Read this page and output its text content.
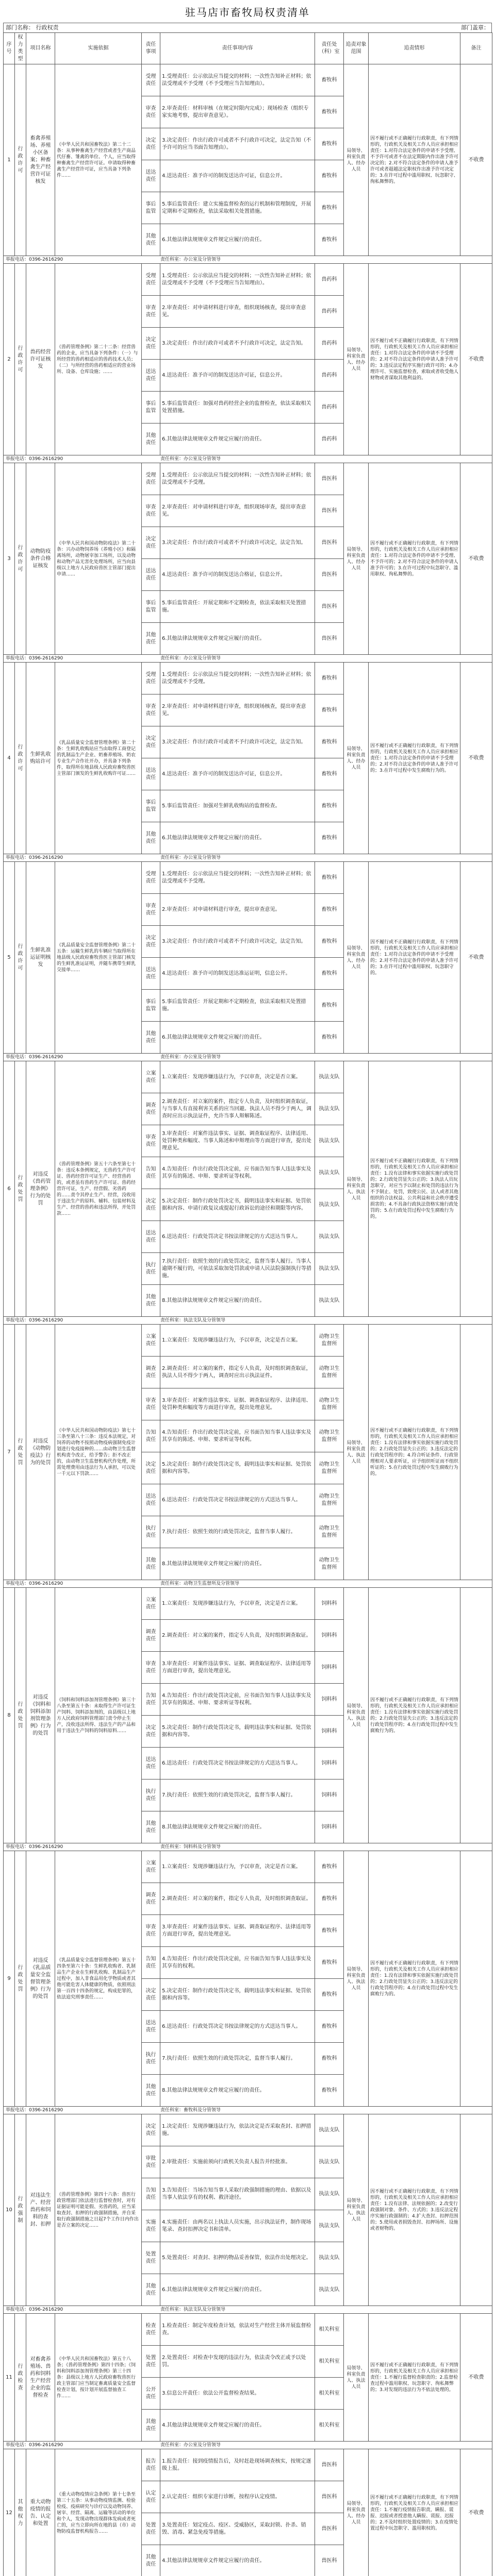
驻马店市畜牧局权责清单
部门名称： 行政权责	部门盖章：
序号	权力类型	项目名称	实施依据	责任事项	责任事项内容	责任处（科）室	追责对象范围	追责情形	备注
1	行政许可	畜禽养殖场、养殖小区备案；种畜禽生产经营许可证核发	《中华人民共和国畜牧法》第二十二条：从事种畜禽生产经营或者生产商品代仔畜、雏禽的单位、个人，应当取得种畜禽生产经营许可证。申请取得种畜禽生产经营许可证，应当具备下列条件……	受理责任	1.受理责任：公示依法应当提交的材料；一次性告知补正材料；依法受理或不予受理（不予受理应当告知理由）。	畜牧科	局领导、科室负责人、经办人员	因不履行或不正确履行行政职责，有下列情形的，行政机关及相关工作人员应承担相应责任：1.对符合法定条件的申请不予受理、不予许可或者不在法定期限内作出准予许可决定的；2.对不符合法定条件的申请人准予许可或者超越法定职权作出准予许可决定的；3.在许可过程中滥用职权、玩忽职守、徇私舞弊的。	不收费
				审查责任	2.审查责任：材料审核（在规定时限内完成）；现场检查（组织专家实地考察，提出审查意见）。	畜牧科			
				决定责任	3.决定责任：作出行政许可或者不予行政许可决定，法定告知（不予许可的应当书面告知理由）。	畜牧科			
				送达责任	4.送达责任：准予许可的制发送达许可证，信息公开。	畜牧科			
				事后监管	5.事后监管责任：建立实施监督检查的运行机制和管理制度，开展定期和不定期检查，依法采取相关处置措施。	畜牧科			
				其他责任	6.其他法律法规规章文件规定应履行的责任。	畜牧科			
举报电话：0396-2616290 责任科室：办公室及分管领导									
2	行政许可	兽药经营许可证核发	《兽药管理条例》第二十二条：经营兽药的企业，应当具备下列条件：（一）与所经营的兽药相适应的兽药技术人员；（二）与所经营的兽药相适应的营业场所、设备、仓库设施；……	受理责任	1.受理责任：公示依法应当提交的材料；一次性告知补正材料；依法受理或不予受理（不予受理应当告知理由）。	兽药科	局领导、科室负责人、经办人员	因不履行或不正确履行行政职责，有下列情形的，行政机关及相关工作人员应承担相应责任：1.对符合法定条件的申请不予受理的；2.对不符合法定条件的申请人准予许可的；3.违反法定程序实施行政许可的；4.办理许可、实施监督检查，索取或者收受他人财物或者谋取其他利益的。	不收费
				审查责任	2.审查责任：对申请材料进行审查，组织现场核查，提出审查意见。	兽药科			
				决定责任	3.决定责任：作出行政许可或者不予行政许可决定，法定告知。	兽药科			
				送达责任	4.送达责任：准予许可的制发送达许可证，信息公开。	兽药科			
				事后监管	5.事后监管责任：加强对兽药经营企业的监督检查，依法采取相关处置措施。	兽药科			
				其他责任	6.其他法律法规规章文件规定应履行的责任。	兽药科			
举报电话：0396-2616290 责任科室：办公室及分管领导									
3	行政许可	动物防疫条件合格证核发	《中华人民共和国动物防疫法》第二十条：兴办动物饲养场（养殖小区）和隔离场所，动物屠宰加工场所，以及动物和动物产品无害化处理场所，应当向县级以上地方人民政府兽医主管部门提出申请……	受理责任	1.受理责任：公示依法应当提交的材料；一次性告知补正材料；依法受理或不予受理。	兽医科	局领导、科室负责人、经办人员	因不履行或不正确履行行政职责，有下列情形的，行政机关及相关工作人员应承担相应责任：1.对符合法定条件的申请不予受理、不予许可的；2.对不符合法定条件的申请人准予许可的；3.在许可过程中玩忽职守、滥用职权、徇私舞弊的。	不收费
				审查责任	2.审查责任：对申请材料进行审查，组织现场审查，提出审查意见。	兽医科			
				决定责任	3.决定责任：作出行政许可或者不予行政许可决定，法定告知。	兽医科			
				送达责任	4.送达责任：准予许可的制发送达合格证，信息公开。	兽医科			
				事后监管	5.事后监管责任：开展定期和不定期检查，依法采取相关处置措施。	兽医科			
				其他责任	6.其他法律法规规章文件规定应履行的责任。	兽医科			
举报电话：0396-2616290 责任科室：办公室及分管领导									
4	行政许可	生鲜乳收购站许可	《乳品质量安全监督管理条例》第二十条：生鲜乳收购站应当由取得工商登记的乳制品生产企业、奶畜养殖场、奶农专业生产合作社开办，并具备下列条件，取得所在地县级人民政府畜牧兽医主管部门颁发的生鲜乳收购许可证……	受理责任	1.受理责任：公示依法应当提交的材料；一次性告知补正材料；依法受理或不予受理。	畜牧科	局领导、科室负责人、经办人员	因不履行或不正确履行行政职责，有下列情形的，行政机关及相关工作人员应承担相应责任：1.对符合法定条件的申请不予受理的；2.对不符合法定条件的申请人准予许可的；3.在许可过程中发生腐败行为的。	不收费
				审查责任	2.审查责任：对申请材料进行审查，组织现场核查，提出审查意见。	畜牧科			
				决定责任	3.决定责任：作出行政许可或者不予行政许可决定，法定告知。	畜牧科			
				送达责任	4.送达责任：准予许可的制发送达许可证，信息公开。	畜牧科			
				事后监管	5.事后监管责任：加强对生鲜乳收购站的监督检查。	畜牧科			
				其他责任	6.其他法律法规规章文件规定应履行的责任。	畜牧科			
举报电话：0396-2616290 责任科室：办公室及分管领导									
5	行政许可	生鲜乳准运证明核发	《乳品质量安全监督管理条例》第二十五条：运输生鲜乳的车辆应当取得所在地县级人民政府畜牧兽医主管部门核发的生鲜乳准运证明，并随车携带生鲜乳交接单……	受理责任	1.受理责任：公示依法应当提交的材料；一次性告知补正材料；依法受理或不予受理。	畜牧科	局领导、科室负责人、经办人员	因不履行或不正确履行行政职责，有下列情形的，行政机关及相关工作人员应承担相应责任：1.对符合法定条件的申请不予受理的；2.对不符合法定条件的申请人准予许可的；3.在许可过程中滥用职权、玩忽职守的。	不收费
				审查责任	2.审查责任：对申请材料进行审查，提出审查意见。	畜牧科			
				决定责任	3.决定责任：作出行政许可或者不予行政许可决定，法定告知。	畜牧科			
				送达责任	4.送达责任：准予许可的制发送达准运证明，信息公开。	畜牧科			
				事后监管	5.事后监管责任：开展定期和不定期检查，依法采取相关处置措施。	畜牧科			
				其他责任	6.其他法律法规规章文件规定应履行的责任。	畜牧科			
举报电话：0396-2616290 责任科室：办公室及分管领导									
6	行政处罚	对违反《兽药管理条例》行为的处罚	《兽药管理条例》第五十六条至第七十条：违反本条例规定，无兽药生产许可证、兽药经营许可证生产、经营兽药的，或者虽有兽药生产许可证、兽药经营许可证，生产、经营假、劣兽药的……责令其停止生产、经营，没收用于违法生产的原料、辅料、包装材料及生产、经营的兽药和违法所得，并处罚款……	立案责任	1.立案责任：发现涉嫌违法行为，予以审查，决定是否立案。	执法支队	局领导、科室负责人、执法人员	因不履行或不正确履行行政职责，有下列情形的，行政机关及相关工作人员应承担相应责任：1.没有法律和事实依据实施行政处罚的；2.行政处罚显失公正的；3.执法人员玩忽职守，对应当予以制止和处罚的违法行为不予制止、处罚，致使公民、法人或者其他组织的合法权益、公共利益和社会秩序遭受损害的；4.不具备行政执法资格实施行政处罚的；5.在行政处罚过程中发生腐败行为的。	
				调查责任	2.调查责任：对立案的案件，指定专人负责，及时组织调查取证，与当事人有直接利害关系的应当回避。执法人员不得少于两人，调查时应出示执法证件，允许当事人辩解陈述。	执法支队			
				审查责任	3.审查责任：对案件违法事实、证据、调查取证程序、法律适用、处罚种类和幅度、当事人陈述和申辩理由等方面进行审查，提出处理意见。	执法支队			
				告知责任	4.告知责任：作出行政处罚决定前，应书面告知当事人违法事实及其享有的陈述、申辩、要求听证等权利。	执法支队			
				决定责任	5.决定责任：制作行政处罚决定书，载明违法事实和证据、处罚依据和内容、申请行政复议或提起行政诉讼的途径和期限等内容。	执法支队			
				送达责任	6.送达责任：行政处罚决定书按法律规定的方式送达当事人。	执法支队			
				执行责任	7.执行责任：依照生效的行政处罚决定，监督当事人履行。当事人逾期不履行的，可依法采取加处罚款或申请人民法院强制执行等措施。	执法支队			
				其他责任	8.其他法律法规规章文件规定应履行的责任。	执法支队			
举报电话：0396-2616290 责任科室：执法支队及分管领导									
7	行政处罚	对违反《动物防疫法》行为的处罚	《中华人民共和国动物防疫法》第七十三条至第八十三条：违反本法规定，对饲养的动物不按照动物疫病强制免疫计划进行免疫接种的……由动物卫生监督机构责令改正，给予警告；拒不改正的，由动物卫生监督机构代作处理，所需处理费用由违法行为人承担，可以处一千元以下罚款……	立案责任	1.立案责任：发现涉嫌违法行为，予以审查，决定是否立案。	动物卫生监督所	局领导、科室负责人、执法人员	因不履行或不正确履行行政职责，有下列情形的，行政机关及相关工作人员应承担相应责任：1.没有法律和事实依据实施行政处罚的；2.行政处罚显失公正的；3.违反法定的行政处罚程序的；4.符合听证条件、行政管理相对人要求听证，应予组织听证而不组织听证的；5.在行政处罚过程中发生腐败行为的。	
				调查责任	2.调查责任：对立案的案件，指定专人负责，及时组织调查取证，执法人员不得少于两人，调查时应出示执法证件。	动物卫生监督所			
				审查责任	3.审查责任：对案件违法事实、证据、调查取证程序、法律适用、处罚种类和幅度等方面进行审查，提出处理意见。	动物卫生监督所			
				告知责任	4.告知责任：作出行政处罚决定前，应书面告知当事人违法事实及其享有的陈述、申辩、要求听证等权利。	动物卫生监督所			
				决定责任	5.决定责任：制作行政处罚决定书，载明违法事实和证据、处罚依据和内容等。	动物卫生监督所			
				送达责任	6.送达责任：行政处罚决定书按法律规定的方式送达当事人。	动物卫生监督所			
				执行责任	7.执行责任：依照生效的行政处罚决定，监督当事人履行。	动物卫生监督所			
				其他责任	8.其他法律法规规章文件规定应履行的责任。	动物卫生监督所			
举报电话：0396-2616290 责任科室：动物卫生监督所及分管领导									
8	行政处罚	对违反《饲料和饲料添加剂管理条例》行为的处罚	《饲料和饲料添加剂管理条例》第三十八条至第五十条：未取得生产许可证生产饲料、饲料添加剂的，由县级以上地方人民政府饲料管理部门责令停止生产，没收违法所得、违法生产的产品和用于违法生产饲料的饲料原料……	立案责任	1.立案责任：发现涉嫌违法行为，予以审查，决定是否立案。	饲料科	局领导、科室负责人、执法人员	因不履行或不正确履行行政职责，有下列情形的，行政机关及相关工作人员应承担相应责任：1.没有法律和事实依据实施行政处罚的；2.行政处罚显失公正的；3.违反法定的行政处罚程序的；4.在行政处罚过程中发生腐败行为的。	
				调查责任	2.调查责任：对立案的案件，指定专人负责，及时组织调查取证。	饲料科			
				审查责任	3.审查责任：对案件违法事实、证据、调查取证程序、法律适用等方面进行审查，提出处理意见。	饲料科			
				告知责任	4.告知责任：作出行政处罚决定前，应书面告知当事人违法事实及其享有的陈述、申辩、要求听证等权利。	饲料科			
				决定责任	5.决定责任：制作行政处罚决定书，载明违法事实和证据、处罚依据和内容等。	饲料科			
				送达责任	6.送达责任：行政处罚决定书按法律规定的方式送达当事人。	饲料科			
				执行责任	7.执行责任：依照生效的行政处罚决定，监督当事人履行。	饲料科			
				其他责任	8.其他法律法规规章文件规定应履行的责任。	饲料科			
举报电话：0396-2616290 责任科室：饲料科及分管领导									
9	行政处罚	对违反《乳品质量安全监督管理条例》行为的处罚	《乳品质量安全监督管理条例》第五十四条至第六十条：生鲜乳收购者、乳制品生产企业在生鲜乳收购、乳制品生产过程中，加入非食品用化学物质或者其他可能危害人体健康的物质，依照刑法第一百四十四条的规定，构成犯罪的，依法追究刑事责任……	立案责任	1.立案责任：发现涉嫌违法行为，予以审查，决定是否立案。	畜牧科	局领导、科室负责人、执法人员	因不履行或不正确履行行政职责，有下列情形的，行政机关及相关工作人员应承担相应责任：1.没有法律和事实依据实施行政处罚的；2.行政处罚显失公正的；3.违反法定的行政处罚程序的；4.在行政处罚过程中发生腐败行为的。	
				调查责任	2.调查责任：对立案的案件，指定专人负责，及时组织调查取证。	畜牧科			
				审查责任	3.审查责任：对案件违法事实、证据、调查取证程序、法律适用等方面进行审查，提出处理意见。	畜牧科			
				告知责任	4.告知责任：作出行政处罚决定前，应书面告知当事人违法事实及其享有的权利。	畜牧科			
				决定责任	5.决定责任：制作行政处罚决定书，载明违法事实和证据、处罚依据和内容等。	畜牧科			
				送达责任	6.送达责任：行政处罚决定书按法律规定的方式送达当事人。	畜牧科			
				执行责任	7.执行责任：依照生效的行政处罚决定，监督当事人履行。	畜牧科			
				其他责任	8.其他法律法规规章文件规定应履行的责任。	畜牧科			
举报电话：0396-2616290 责任科室：畜牧科及分管领导									
10	行政强制	对违法生产、经营兽药和饲料的查封、扣押	《兽药管理条例》第四十六条：兽医行政管理部门依法进行监督检查时，对有证据证明可能是假、劣兽药的，应当采取查封、扣押的行政强制措施，并自采取行政强制措施之日起7个工作日内作出是否立案的决定……	决定责任	1.决定责任：发现涉嫌违法行为，依法决定是否采取查封、扣押措施。	执法支队	局领导、科室负责人、执法人员	因不履行或不正确履行行政职责，有下列情形的，行政机关及相关工作人员应承担相应责任：1.没有法律、法规依据的；2.改变行政强制对象、条件、方式的；3.违反法定程序实施行政强制的；4.扩大查封、扣押范围的；5.使用或者损毁查封、扣押场所、设施或者财物的。	
				审批责任	2.审批责任：实施前须向行政机关负责人报告并经批准。	执法支队			
				告知责任	3.告知责任：当场告知当事人采取行政强制措施的理由、依据以及当事人依法享有的权利、救济途径。	执法支队			
				实施责任	4.实施责任：由两名以上执法人员实施，出示执法证件，制作现场笔录、查封扣押决定书和清单。	执法支队			
				处置责任	5.处置责任：对查封、扣押的物品妥善保管，依法作出处理决定。	执法支队			
				其他责任	6.其他法律法规规章文件规定应履行的责任。	执法支队			
举报电话：0396-2616290 责任科室：执法支队及分管领导									
11	行政检查	对畜禽养殖场、兽药和饲料生产经营企业的监督检查	《中华人民共和国畜牧法》第五十八条；《兽药管理条例》第四十四条；《饲料和饲料添加剂管理条例》第三十四条：县级以上地方人民政府畜牧兽医行政主管部门应当制定畜禽质量安全监督检查计划，按计划开展监督抽查工作……	检查责任	1.检查责任：制定年度检查计划，依法对生产经营主体开展监督检查。	相关科室	局领导、科室负责人、执法人员	因不履行或不正确履行行政职责，有下列情形的，行政机关及相关工作人员应承担相应责任：1.不履行监督检查职责的；2.监督检查过程中滥用职权、玩忽职守、徇私舞弊的；3.对发现的违法行为不依法处理的。	不收费
				处置责任	2.处置责任：对检查中发现的违法行为，依法责令改正或予以处罚。	相关科室			
				公开责任	3.信息公开责任：依法公开监督检查结果。	相关科室			
				其他责任	4.其他法律法规规章文件规定应履行的责任。	相关科室			
举报电话：0396-2616290 责任科室：办公室及分管领导									
12	其他权力	重大动物疫情的报告、认定和处置	《重大动物疫情应急条例》第十七条至第三十五条：从事动物疫情监测、检验检疫、疫病研究与诊疗以及动物饲养、屠宰、经营、隔离、运输等活动的单位和个人，发现动物出现群体发病或者死亡的，应当立即向所在地的县（市）动物防疫监督机构报告……	报告责任	1.报告责任：接到疫情报告后，及时赶赴现场调查核实，按规定逐级上报。	兽医科	局领导、科室负责人、经办人员	因不履行或不正确履行行政职责，有下列情形的，行政机关及相关工作人员应承担相应责任：1.不履行疫情报告职责，瞒报、谎报、迟报或者授意他人瞒报、谎报、迟报的；2.不及时组织处置疫情的；3.在疫情处置过程中玩忽职守、滥用职权的。	不收费
				认定责任	2.认定责任：组织专家进行诊断，按程序认定疫情。	兽医科			
				处置责任	3.处置责任：划定疫点、疫区、受威胁区，采取封锁、扑杀、销毁、消毒、紧急免疫等措施。	兽医科			
				其他责任	4.其他法律法规规章文件规定应履行的责任。	兽医科			
